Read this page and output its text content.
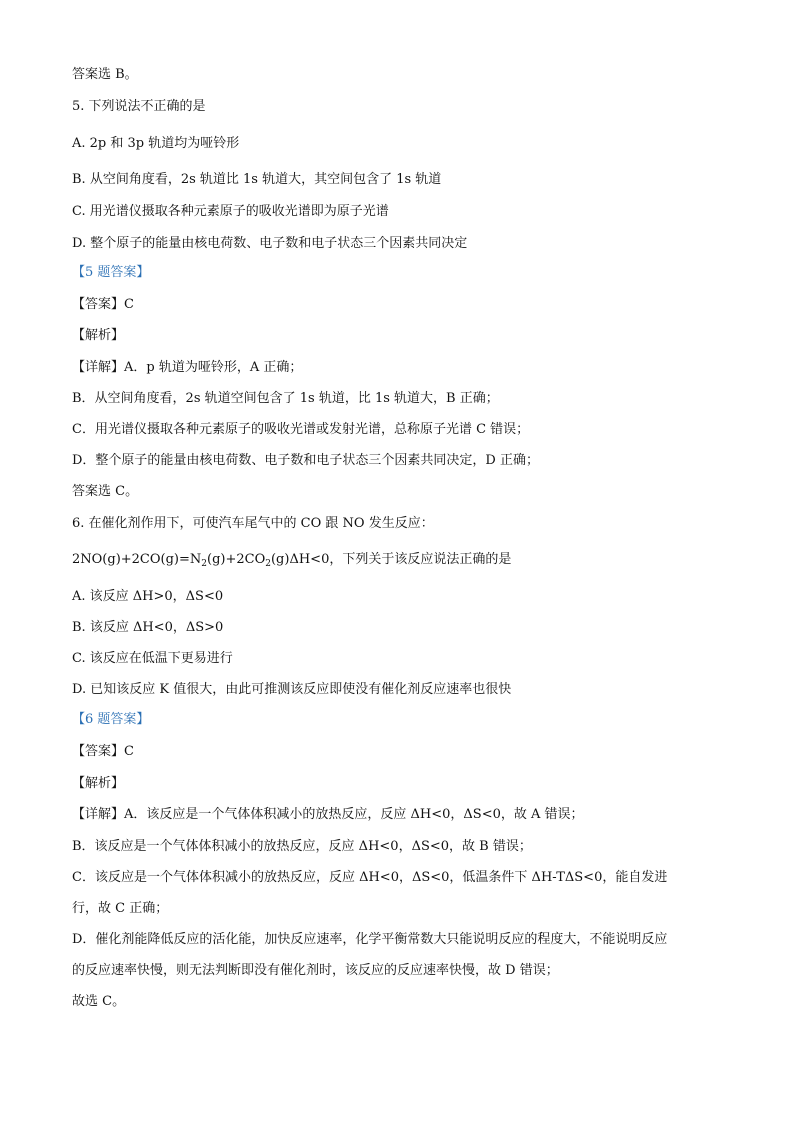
答案选 B。
5. 下列说法不正确的是
A. 2p 和 3p 轨道均为哑铃形
B. 从空间角度看，2s 轨道比 1s 轨道大，其空间包含了 1s 轨道
C. 用光谱仪摄取各种元素原子的吸收光谱即为原子光谱
D. 整个原子的能量由核电荷数、电子数和电子状态三个因素共同决定
【5 题答案】
【答案】C
【解析】
【详解】A．p 轨道为哑铃形，A 正确；
B．从空间角度看，2s 轨道空间包含了 1s 轨道，比 1s 轨道大，B 正确；
C．用光谱仪摄取各种元素原子的吸收光谱或发射光谱，总称原子光谱 C 错误；
D．整个原子的能量由核电荷数、电子数和电子状态三个因素共同决定，D 正确；
答案选 C。
6. 在催化剂作用下，可使汽车尾气中的 CO 跟 NO 发生反应：
$2NO(g)+2CO(g)=N_2(g)+2CO_2(g)\Delta H<0$，下列关于该反应说法正确的是
A. 该反应 ΔH>0，ΔS<0
B. 该反应 ΔH<0，ΔS>0
C. 该反应在低温下更易进行
D. 已知该反应 K 值很大，由此可推测该反应即使没有催化剂反应速率也很快
【6 题答案】
【答案】C
【解析】
【详解】A．该反应是一个气体体积减小的放热反应，反应 ΔH<0，ΔS<0，故 A 错误；
B．该反应是一个气体体积减小的放热反应，反应 ΔH<0，ΔS<0，故 B 错误；
C．该反应是一个气体体积减小的放热反应，反应 ΔH<0，ΔS<0，低温条件下 ΔH-TΔS<0，能自发进
行，故 C 正确；
D．催化剂能降低反应的活化能，加快反应速率，化学平衡常数大只能说明反应的程度大，不能说明反应
的反应速率快慢，则无法判断即没有催化剂时，该反应的反应速率快慢，故 D 错误；
故选 C。
